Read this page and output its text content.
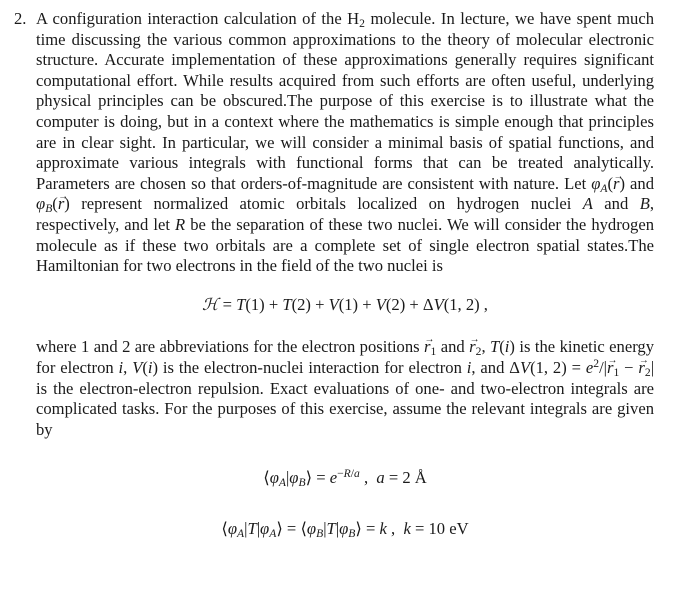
2. A configuration interaction calculation of the $H_2$ molecule. In lecture, we have spent much time discussing the various common approximations to the theory of molecular electronic structure. Accurate implementation of these approximations generally requires significant computational effort. While results acquired from such efforts are often useful, underlying physical principles can be obscured.The purpose of this exercise is to illustrate what the computer is doing, but in a context where the mathematics is simple enough that principles are in clear sight. In particular, we will consider a minimal basis of spatial functions, and approximate various integrals with functional forms that can be treated analytically. Parameters are chosen so that orders-of-magnitude are consistent with nature. Let $\varphi_A(\to r)$ and $\varphi_B(\to r)$ represent normalized atomic orbitals localized on hydrogen nuclei A and B, respectively, and let R be the separation of these two nuclei. We will consider the hydrogen molecule as if these two orbitals are a complete set of single electron spatial states.The Hamiltonian for two electrons in the field of the two nuclei is

ℋ = T(1) + T(2) + V(1) + V(2) + ΔV(1, 2) ,

where 1 and 2 are abbreviations for the electron positions → $r_1$ and → $r_2$, T(i) is the kinetic energy for electron i, V(i) is the electron-nuclei interaction for electron i, and ΔV(1, $2) = e^2/|\to r_1$ − → $r_2|$ is the electron-electron repulsion. Exact evaluations of one- and two-electron integrals are complicated tasks. For the purposes of this exercise, assume the relevant integrals are given by

$⟨\varphi_A|\varphi_B⟩ = e^{-R/a}$ ,  a = 2 Å
$⟨\varphi_A|T|\varphi_A⟩$ = $⟨\varphi_B|T|\varphi_B⟩ = k$ ,  k = 10 eV
